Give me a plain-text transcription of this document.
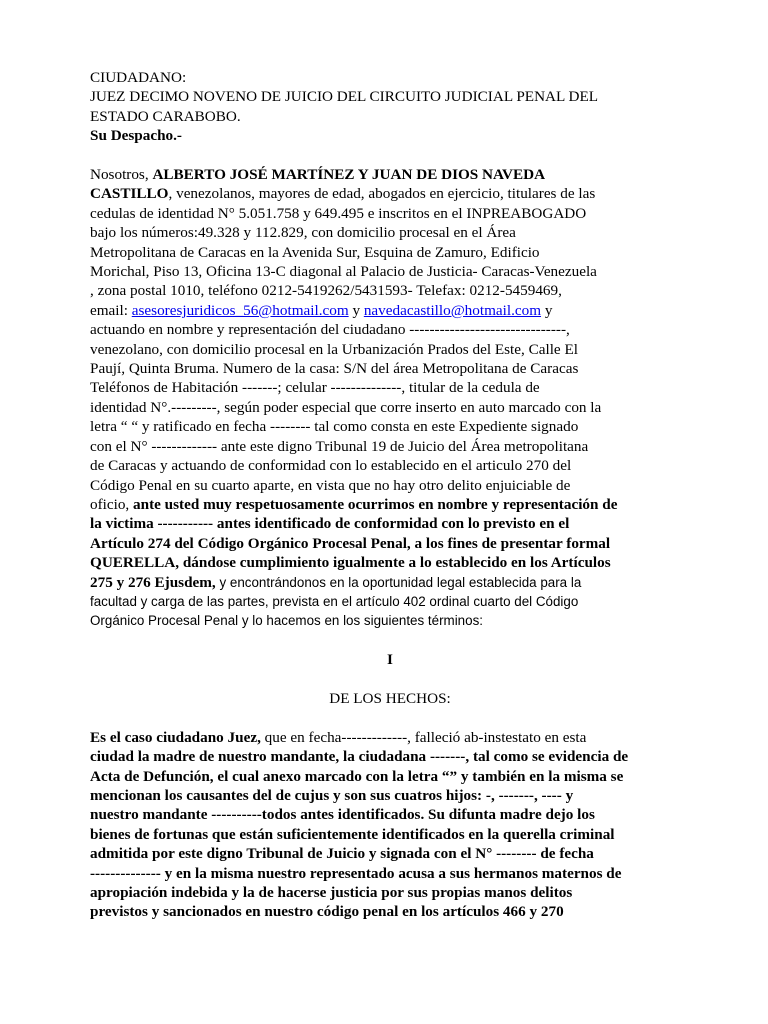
CIUDADANO:
JUEZ DECIMO NOVENO DE JUICIO DEL CIRCUITO JUDICIAL PENAL DEL
ESTADO CARABOBO.
Su Despacho.-
Nosotros, ALBERTO JOSÉ MARTÍNEZ Y JUAN DE DIOS NAVEDA
CASTILLO, venezolanos, mayores de edad, abogados en ejercicio, titulares de las
cedulas de identidad N° 5.051.758 y 649.495 e inscritos en el INPREABOGADO
bajo los números:49.328 y 112.829, con domicilio procesal en el Área
Metropolitana de Caracas en la Avenida Sur, Esquina de Zamuro, Edificio
Morichal, Piso 13, Oficina 13-C diagonal al Palacio de Justicia- Caracas-Venezuela
, zona postal 1010, teléfono 0212-5419262/5431593- Telefax: 0212-5459469,
email: asesoresjuridicos_56@hotmail.com y navedacastillo@hotmail.com y
actuando en nombre y representación del ciudadano -------------------------------,
venezolano, con domicilio procesal en la Urbanización Prados del Este, Calle El
Paují, Quinta Bruma. Numero de la casa: S/N del área Metropolitana de Caracas
Teléfonos de Habitación -------; celular --------------, titular de la cedula de
identidad N°.---------, según poder especial que corre inserto en auto marcado con la
letra “ “ y ratificado en fecha -------- tal como consta en este Expediente signado
con el N° ------------- ante este digno Tribunal 19 de Juicio del Área metropolitana
de Caracas y actuando de conformidad con lo establecido en el articulo 270 del
Código Penal en su cuarto aparte, en vista que no hay otro delito enjuiciable de
oficio, ante usted muy respetuosamente ocurrimos en nombre y representación de
la victima ----------- antes identificado de conformidad con lo previsto en el
Artículo 274 del Código Orgánico Procesal Penal, a los fines de presentar formal
QUERELLA, dándose cumplimiento igualmente a lo establecido en los Artículos
275 y 276 Ejusdem, y encontrándonos en la oportunidad legal establecida para la
facultad y carga de las partes, prevista en el artículo 402 ordinal cuarto del Código
Orgánico Procesal Penal y lo hacemos en los siguientes términos:
I
DE LOS HECHOS:
Es el caso ciudadano Juez, que en fecha-------------, falleció ab-instestato en esta
ciudad la madre de nuestro mandante, la ciudadana -------, tal como se evidencia de
Acta de Defunción, el cual anexo marcado con la letra “” y también en la misma se
mencionan los causantes del de cujus y son sus cuatros hijos: -, -------, ---- y
nuestro mandante ----------todos antes identificados. Su difunta madre dejo los
bienes de fortunas que están suficientemente identificados en la querella criminal
admitida por este digno Tribunal de Juicio y signada con el N° -------- de fecha
-------------- y en la misma nuestro representado acusa a sus hermanos maternos de
apropiación indebida y la de hacerse justicia por sus propias manos delitos
previstos y sancionados en nuestro código penal en los artículos 466 y 270
